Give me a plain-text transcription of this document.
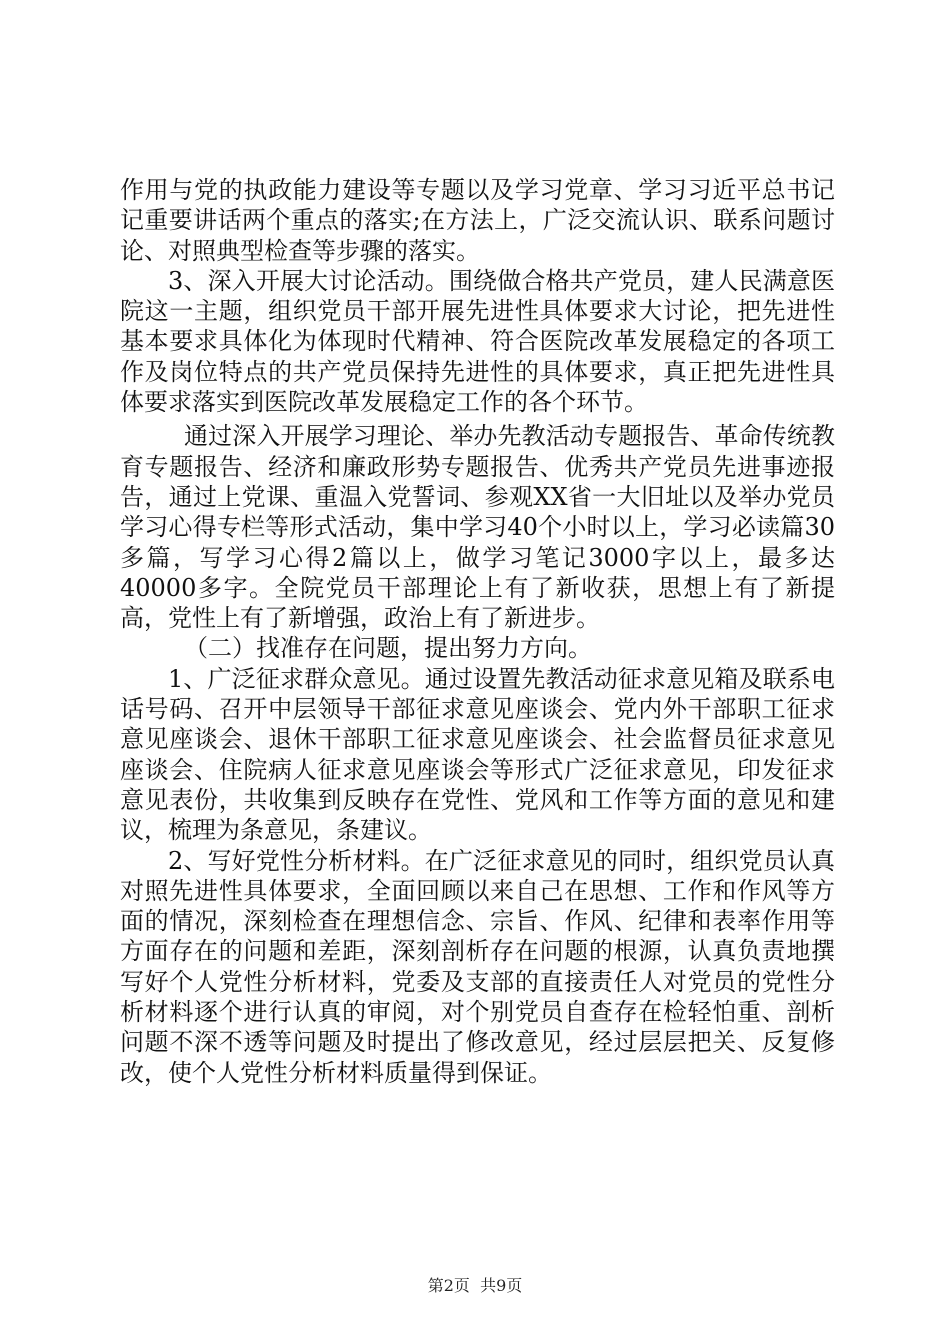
作用与党的执政能力建设等专题以及学习党章、学习习近平总书记记重要讲话两个重点的落实;在方法上，广泛交流认识、联系问题讨论、对照典型检查等步骤的落实。

3、深入开展大讨论活动。围绕做合格共产党员，建人民满意医院这一主题，组织党员干部开展先进性具体要求大讨论，把先进性基本要求具体化为体现时代精神、符合医院改革发展稳定的各项工作及岗位特点的共产党员保持先进性的具体要求，真正把先进性具体要求落实到医院改革发展稳定工作的各个环节。

通过深入开展学习理论、举办先教活动专题报告、革命传统教育专题报告、经济和廉政形势专题报告、优秀共产党员先进事迹报告，通过上党课、重温入党誓词、参观XX省一大旧址以及举办党员学习心得专栏等形式活动，集中学习40个小时以上，学习必读篇30多篇，写学习心得2篇以上，做学习笔记3000字以上，最多达40000多字。全院党员干部理论上有了新收获，思想上有了新提高，党性上有了新增强，政治上有了新进步。

（二）找准存在问题，提出努力方向。

1、广泛征求群众意见。通过设置先教活动征求意见箱及联系电话号码、召开中层领导干部征求意见座谈会、党内外干部职工征求意见座谈会、退休干部职工征求意见座谈会、社会监督员征求意见座谈会、住院病人征求意见座谈会等形式广泛征求意见，印发征求意见表份，共收集到反映存在党性、党风和工作等方面的意见和建议，梳理为条意见，条建议。

2、写好党性分析材料。在广泛征求意见的同时，组织党员认真对照先进性具体要求，全面回顾以来自己在思想、工作和作风等方面的情况，深刻检查在理想信念、宗旨、作风、纪律和表率作用等方面存在的问题和差距，深刻剖析存在问题的根源，认真负责地撰写好个人党性分析材料，党委及支部的直接责任人对党员的党性分析材料逐个进行认真的审阅，对个别党员自查存在检轻怕重、剖析问题不深不透等问题及时提出了修改意见，经过层层把关、反复修改，使个人党性分析材料质量得到保证。

第2页  共9页
